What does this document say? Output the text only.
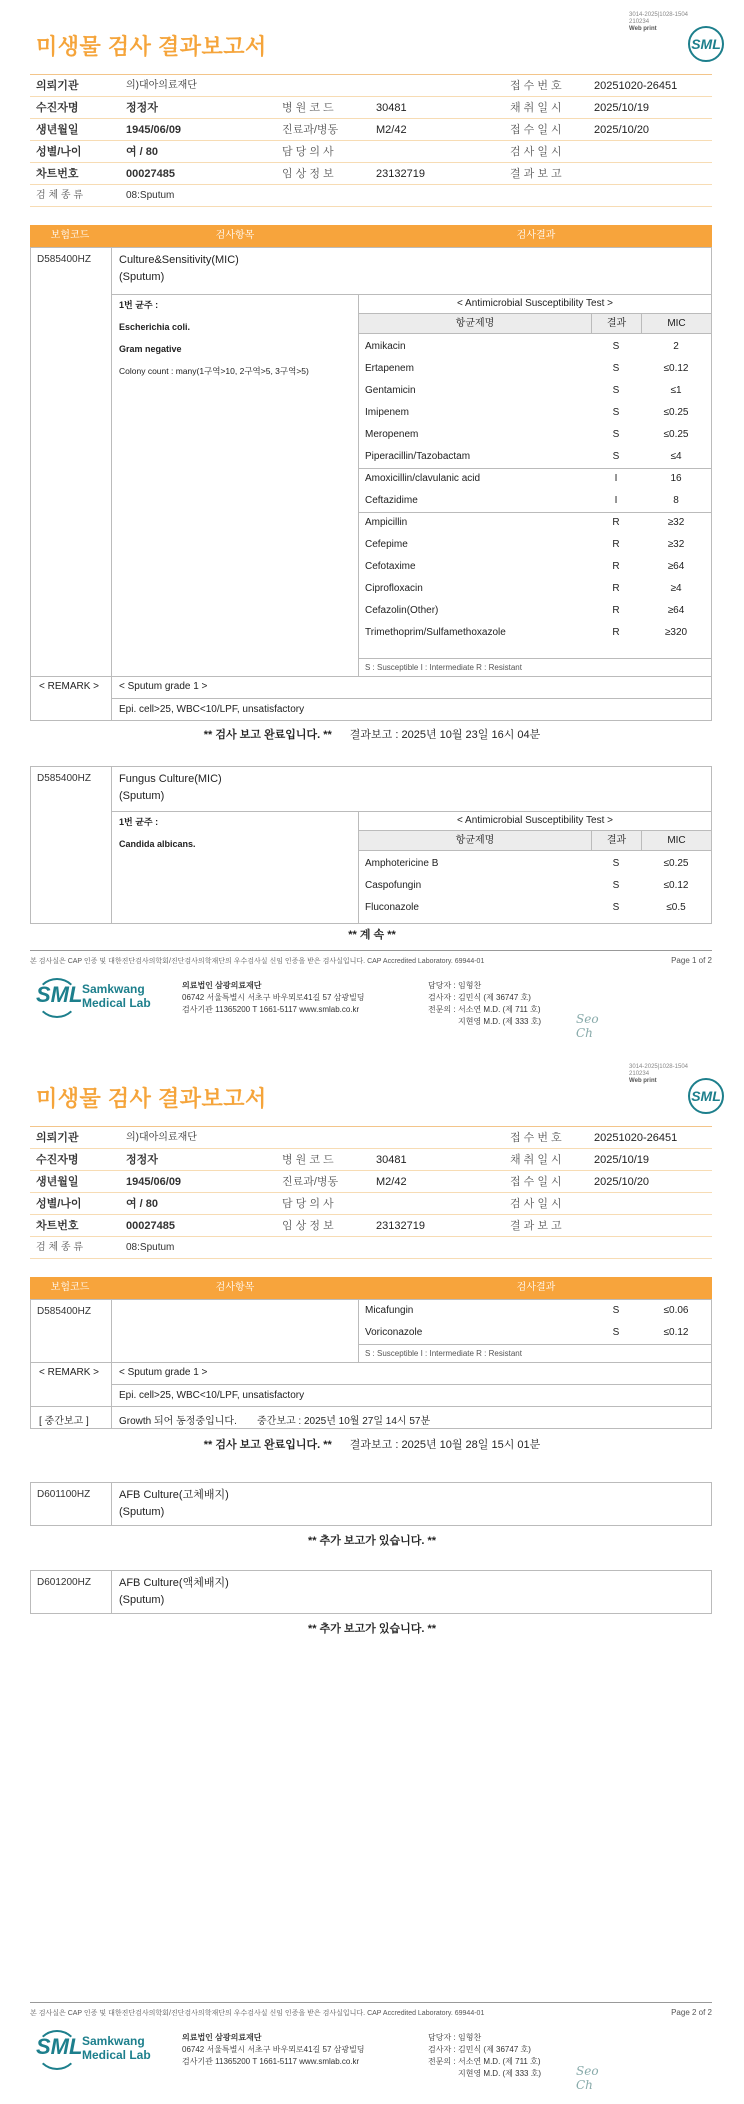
3014-2025|1028-1504
210234
Web print
미생물 검사 결과보고서	SML
의뢰기관	의)대아의료재단	접 수 번 호	20251020-26451
수진자명	정정자	병 원 코 드	30481	채 취 일 시	2025/10/19
생년월일	1945/06/09	진료과/병동	M2/42	접 수 일 시	2025/10/20
성별/나이	여 / 80	담 당 의 사	검 사 일 시
차트번호	00027485	임 상 정 보	23132719	결 과 보 고
검 체 종 류	08:Sputum
보험코드	검사항목	검사결과
D585400HZ	Culture&Sensitivity(MIC)
(Sputum)
1번 균주 :
Escherichia coli.
Gram negative
Colony count : many(1구역>10, 2구역>5, 3구역>5)
< Antimicrobial Susceptibility Test >
항균제명	결과	MIC
Amikacin	S	2
Ertapenem	S	≤0.12
Gentamicin	S	≤1
Imipenem	S	≤0.25
Meropenem	S	≤0.25
Piperacillin/Tazobactam	S	≤4
Amoxicillin/clavulanic acid	I	16
Ceftazidime	I	8
Ampicillin	R	≥32
Cefepime	R	≥32
Cefotaxime	R	≥64
Ciprofloxacin	R	≥4
Cefazolin(Other)	R	≥64
Trimethoprim/Sulfamethoxazole	R	≥320
S : Susceptible I : Intermediate R : Resistant
< REMARK > < Sputum grade 1 >
Epi. cell>25, WBC<10/LPF, unsatisfactory
** 검사 보고 완료입니다. ** 결과보고 : 2025년 10월 23일 16시 04분
D585400HZ	Fungus Culture(MIC)
(Sputum)
1번 균주 :
Candida albicans.
< Antimicrobial Susceptibility Test >
항균제명	결과	MIC
Amphotericine B	S	≤0.25
Caspofungin	S	≤0.12
Fluconazole	S	≤0.5
** 계 속 **
본 검사실은 CAP 인증 및 대한진단검사의학회/진단검사의학재단의 우수검사실 신임 인증을 받은 검사실입니다. CAP Accredited Laboratory. 69944-01	Page 1 of 2
SML Samkwang
Medical Lab
의료법인 삼광의료재단
06742 서울특별시 서초구 바우뫼로41길 57 삼광빌딩
검사기관 11365200 T 1661-5117 www.smlab.co.kr
담당자 : 임형찬
검사자 : 김민식 (제 36747 호)
전문의 : 서소연 M.D. (제 711 호)
지현영 M.D. (제 333 호)	Seo
Ch
3014-2025|1028-1504
210234
Web print
미생물 검사 결과보고서	SML
의뢰기관	의)대아의료재단	접 수 번 호	20251020-26451
수진자명	정정자	병 원 코 드	30481	채 취 일 시	2025/10/19
생년월일	1945/06/09	진료과/병동	M2/42	접 수 일 시	2025/10/20
성별/나이	여 / 80	담 당 의 사	검 사 일 시
차트번호	00027485	임 상 정 보	23132719	결 과 보 고
검 체 종 류	08:Sputum
보험코드	검사항목	검사결과
D585400HZ	Micafungin	S	≤0.06
Voriconazole	S	≤0.12
S : Susceptible I : Intermediate R : Resistant
< REMARK > < Sputum grade 1 >
Epi. cell>25, WBC<10/LPF, unsatisfactory
[ 중간보고 ]	Growth 되어 동정중입니다. 중간보고 : 2025년 10월 27일 14시 57분
** 검사 보고 완료입니다. ** 결과보고 : 2025년 10월 28일 15시 01분
D601100HZ	AFB Culture(고체배지)
(Sputum)
** 추가 보고가 있습니다. **
D601200HZ	AFB Culture(액체배지)
(Sputum)
** 추가 보고가 있습니다. **
본 검사실은 CAP 인증 및 대한진단검사의학회/진단검사의학재단의 우수검사실 신임 인증을 받은 검사실입니다. CAP Accredited Laboratory. 69944-01	Page 2 of 2
SML Samkwang
Medical Lab
의료법인 삼광의료재단
06742 서울특별시 서초구 바우뫼로41길 57 삼광빌딩
검사기관 11365200 T 1661-5117 www.smlab.co.kr
담당자 : 임형찬
검사자 : 김민식 (제 36747 호)
전문의 : 서소연 M.D. (제 711 호)
지현영 M.D. (제 333 호)	Seo
Ch
